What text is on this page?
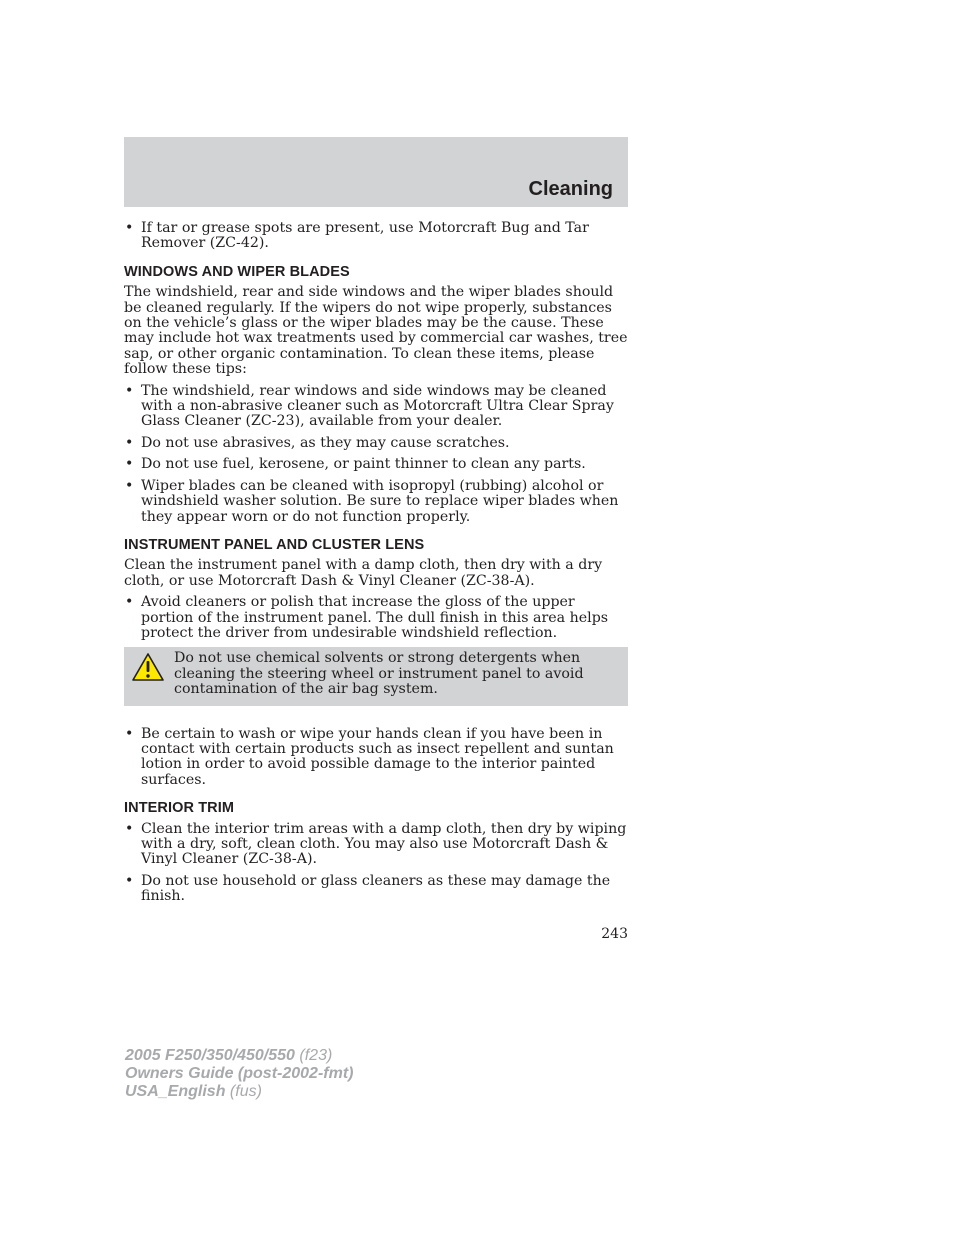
Cleaning
• If tar or grease spots are present, use Motorcraft Bug and Tar Remover (ZC-42).
WINDOWS AND WIPER BLADES

The windshield, rear and side windows and the wiper blades should be cleaned regularly. If the wipers do not wipe properly, substances on the vehicle’s glass or the wiper blades may be the cause. These may include hot wax treatments used by commercial car washes, tree sap, or other organic contamination. To clean these items, please follow these tips:

• The windshield, rear windows and side windows may be cleaned with a non-abrasive cleaner such as Motorcraft Ultra Clear Spray Glass Cleaner (ZC-23), available from your dealer.
• Do not use abrasives, as they may cause scratches.
• Do not use fuel, kerosene, or paint thinner to clean any parts.
• Wiper blades can be cleaned with isopropyl (rubbing) alcohol or windshield washer solution. Be sure to replace wiper blades when they appear worn or do not function properly.
INSTRUMENT PANEL AND CLUSTER LENS

Clean the instrument panel with a damp cloth, then dry with a dry cloth, or use Motorcraft Dash & Vinyl Cleaner (ZC-38-A).

• Avoid cleaners or polish that increase the gloss of the upper portion of the instrument panel. The dull finish in this area helps protect the driver from undesirable windshield reflection.
Do not use chemical solvents or strong detergents when cleaning the steering wheel or instrument panel to avoid contamination of the air bag system.
• Be certain to wash or wipe your hands clean if you have been in contact with certain products such as insect repellent and suntan lotion in order to avoid possible damage to the interior painted surfaces.
INTERIOR TRIM
• Clean the interior trim areas with a damp cloth, then dry by wiping with a dry, soft, clean cloth. You may also use Motorcraft Dash & Vinyl Cleaner (ZC-38-A).
• Do not use household or glass cleaners as these may damage the finish.
243
2005 F250/350/450/550 (f23)
Owners Guide (post-2002-fmt)
USA_English (fus)
